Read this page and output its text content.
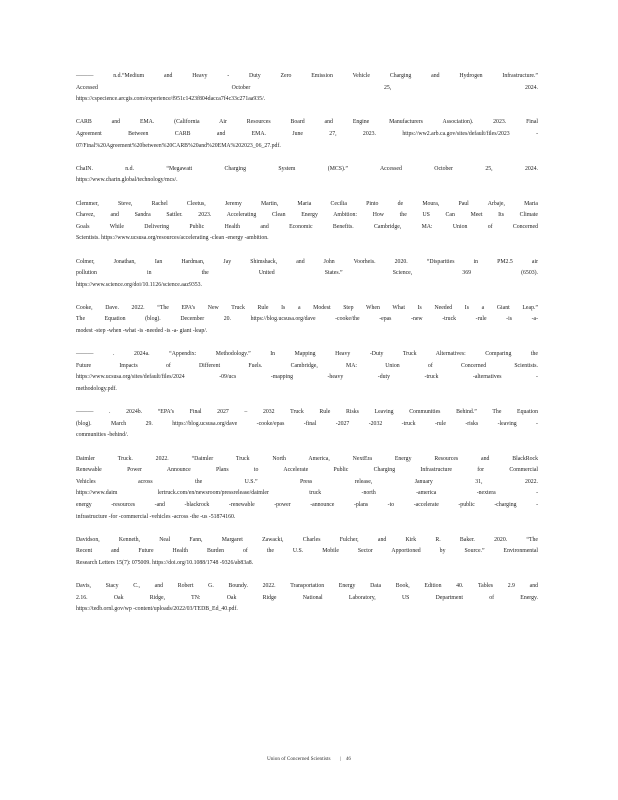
——— n.d.“Medium and Heavy - Duty Zero Emission Vehicle Charging and Hydrogen Infrastructure.”
Accessed October 25, 2024.
https://cspecience.arcgis.com/experience/f951c1423f804dacca7f4c33c271aa935/.
CARB and EMA. (California Air Resources Board and Engine Manufacturers Association). 2023. Final
Agreement Between CARB and EMA. June 27, 2023. https://ww2.arb.ca.gov/sites/default/files/2023 -
07/Final%20Agreement%20between%20CARB%20and%20EMA%202023_06_27.pdf.
ChaIN. n.d. “Megawatt Charging System (MCS).” Accessed October 25, 2024.
https://www.charin.global/technology/mcs/.
Clemmer, Steve, Rachel Cleetus, Jeremy Martin, Maria Cecilia Pinto de Moura, Paul Arbaje, Maria
Chavez, and Sandra Sattler. 2023. Accelerating Clean Energy Ambition: How the US Can Meet Its Climate
Goals While Delivering Public Health and Economic Benefits. Cambridge, MA: Union of Concerned
Scientists. https://www.ucsusa.org/resources/accelerating -clean -energy -ambition.
Colmer, Jonathan, Ian Hardman, Jay Shimshack, and John Voorheis. 2020. “Disparities in PM2.5 air
pollution in the United States.” Science, 369 (6503).
https://www.science.org/doi/10.1126/science.aaz9353.
Cooke, Dave. 2022. “The EPA’s New Truck Rule Is a Modest Step When What Is Needed Is a Giant Leap.”
The Equation (blog). December 20. https://blog.ucsusa.org/dave -cooke/the -epas -new -truck -rule -is -a-
modest -step -when -what -is -needed -is -a- giant -leap/.
——— . 2024a. “Appendix: Methodology.” In Mapping Heavy -Duty Truck Alternatives: Comparing the
Future Impacts of Different Fuels. Cambridge, MA: Union of Concerned Scientists.
https://www.ucsusa.org/sites/default/files/2024 -09/ucs -mapping -heavy -duty -truck -alternatives -
methodology.pdf.
——— . 2024b. “EPA’s Final 2027 – 2032 Truck Rule Risks Leaving Communities Behind.” The Equation
(blog). March 29. https://blog.ucsusa.org/dave -cooke/epas -final -2027 -2032 -truck -rule -risks -leaving -
communities -behind/.
Daimler Truck. 2022. “Daimler Truck North America, NextEra Energy Resources and BlackRock
Renewable Power Announce Plans to Accelerate Public Charging Infrastructure for Commercial
Vehicles across the U.S.” Press release, January 31, 2022.
https://www.daim lertruck.com/en/newsroom/pressrelease/daimler truck -north -america -nextera -
energy -resources -and -blackrock -renewable -power -announce -plans -to -accelerate -public -charging -
infrastructure -for -commercial -vehicles -across -the -us -51874160.
Davidson, Kenneth, Neal Fann, Margaret Zawacki, Charles Fulcher, and Kirk R. Baker. 2020. “The
Recent and Future Health Burden of the U.S. Mobile Sector Apportioned by Source.” Environmental
Research Letters 15(7): 075009. https://doi.org/10.1088/1748 -9326/ab83a8.
Davis, Stacy C., and Robert G. Boundy. 2022. Transportation Energy Data Book, Edition 40. Tables 2.9 and
2.16. Oak Ridge, TN: Oak Ridge National Laboratory, US Department of Energy.
https://tedb.ornl.gov/wp -content/uploads/2022/03/TEDB_Ed_40.pdf.
Union of Concerned Scientists | 46
